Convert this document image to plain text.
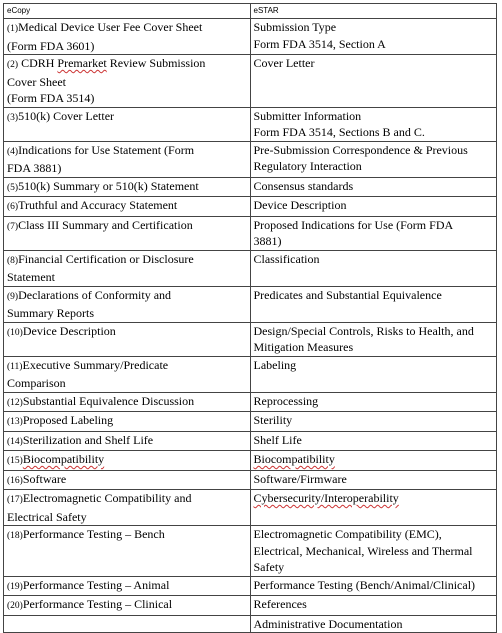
eCopy	eSTAR

(1)Medical Device User Fee Cover Sheet
(Form FDA 3601)	Submission Type
Form FDA 3514, Section A

(2) CDRH Premarket Review Submission
Cover Sheet
(Form FDA 3514)	Cover Letter

(3)510(k) Cover Letter	Submitter Information
Form FDA 3514, Sections B and C.

(4)Indications for Use Statement (Form
FDA 3881)	Pre-Submission Correspondence & Previous
Regulatory Interaction

(5)510(k) Summary or 510(k) Statement	Consensus standards

(6)Truthful and Accuracy Statement	Device Description

(7)Class III Summary and Certification	Proposed Indications for Use (Form FDA
3881)

(8)Financial Certification or Disclosure
Statement	Classification

(9)Declarations of Conformity and
Summary Reports	Predicates and Substantial Equivalence

(10)Device Description	Design/Special Controls, Risks to Health, and
Mitigation Measures

(11)Executive Summary/Predicate
Comparison	Labeling

(12)Substantial Equivalence Discussion	Reprocessing

(13)Proposed Labeling	Sterility

(14)Sterilization and Shelf Life	Shelf Life

(15)Biocompatibility	Biocompatibility

(16)Software	Software/Firmware

(17)Electromagnetic Compatibility and
Electrical Safety	Cybersecurity/Interoperability

(18)Performance Testing – Bench	Electromagnetic Compatibility (EMC),
Electrical, Mechanical, Wireless and Thermal
Safety

(19)Performance Testing – Animal	Performance Testing (Bench/Animal/Clinical)

(20)Performance Testing – Clinical	References

	Administrative Documentation
